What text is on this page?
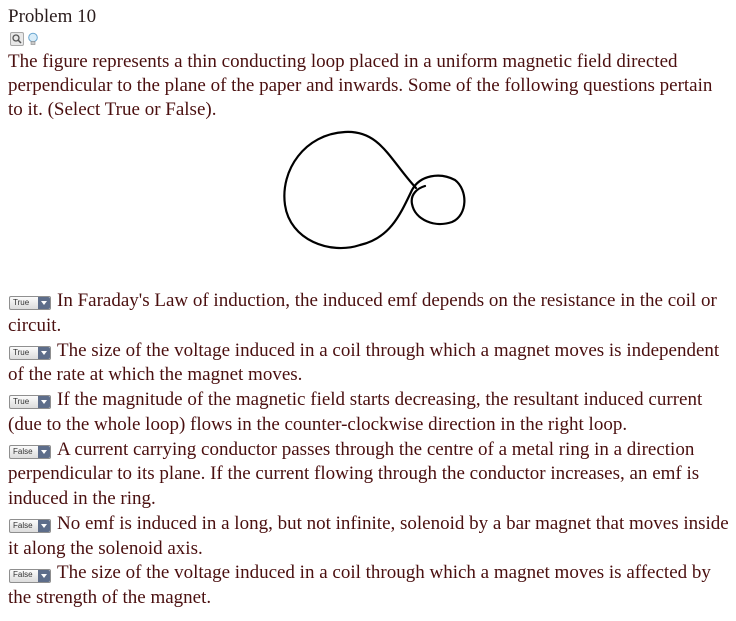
Problem 10
The figure represents a thin conducting loop placed in a uniform magnetic field directed perpendicular to the plane of the paper and inwards. Some of the following questions pertain to it. (Select True or False).
True	In Faraday's Law of induction, the induced emf depends on the resistance in the coil or circuit.
True	The size of the voltage induced in a coil through which a magnet moves is independent of the rate at which the magnet moves.
True	If the magnitude of the magnetic field starts decreasing, the resultant induced current (due to the whole loop) flows in the counter-clockwise direction in the right loop.
False A current carrying conductor passes through the centre of a metal ring in a direction perpendicular to its plane. If the current flowing through the conductor increases, an emf is induced in the ring.
False No emf is induced in a long, but not infinite, solenoid by a bar magnet that moves inside it along the solenoid axis.
False The size of the voltage induced in a coil through which a magnet moves is affected by the strength of the magnet.
